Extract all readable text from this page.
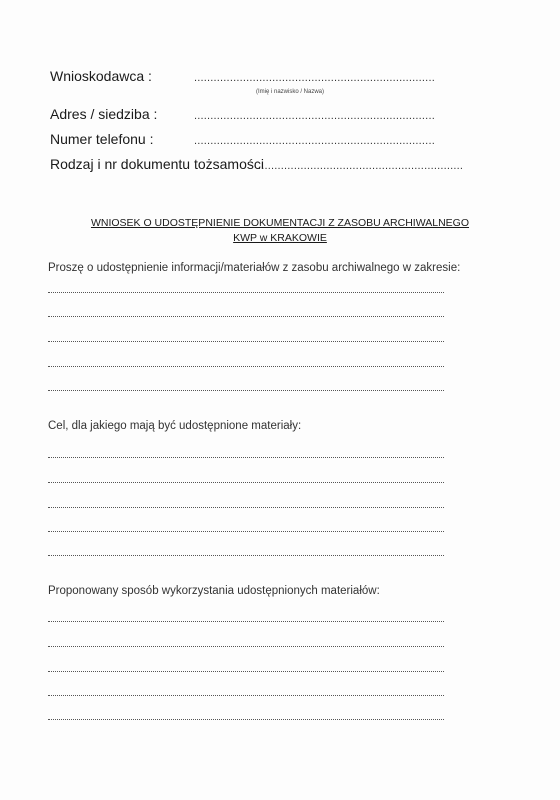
Wnioskodawca :	..........................................................................
(Imię i nazwisko / Nazwa)
Adres / siedziba :	..........................................................................
Numer telefonu :	..........................................................................
Rodzaj i nr dokumentu tożsamości
...............................................................
WNIOSEK O UDOSTĘPNIENIE DOKUMENTACJI Z ZASOBU ARCHIWALNEGO
KWP w KRAKOWIE
Proszę o udostępnienie informacji/materiałów z zasobu archiwalnego w zakresie:
Cel, dla jakiego mają być udostępnione materiały:
Proponowany sposób wykorzystania udostępnionych materiałów:
